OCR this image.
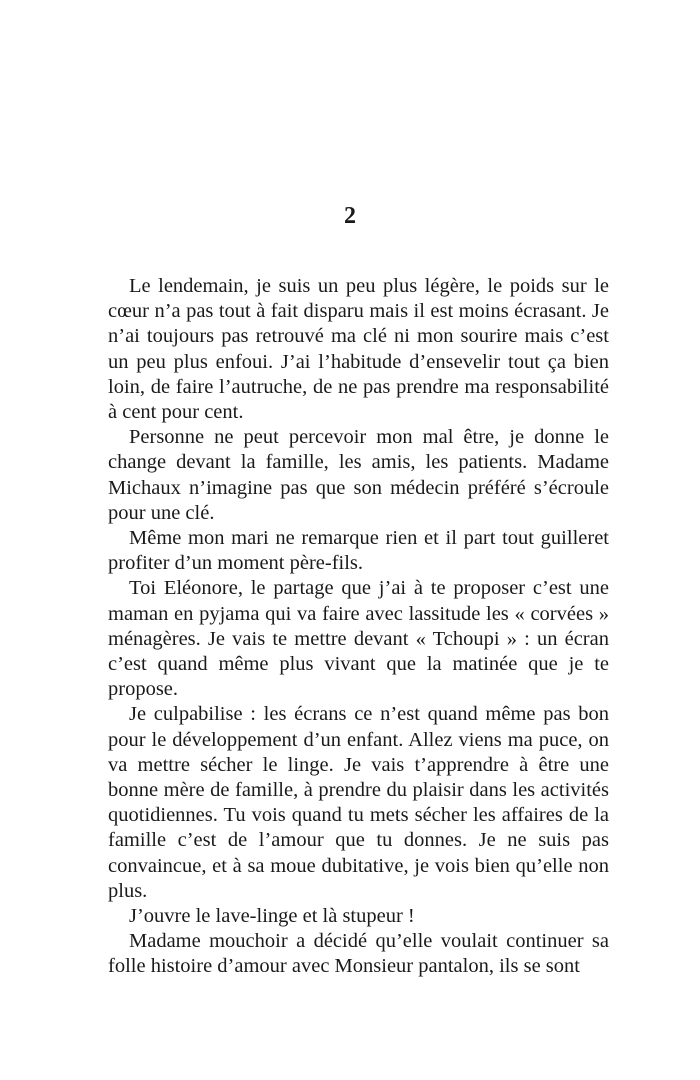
2

Le lendemain, je suis un peu plus légère, le poids sur le cœur n’a pas tout à fait disparu mais il est moins écrasant. Je n’ai toujours pas retrouvé ma clé ni mon sourire mais c’est un peu plus enfoui. J’ai l’habitude d’ensevelir tout ça bien loin, de faire l’autruche, de ne pas prendre ma responsabilité à cent pour cent.

Personne ne peut percevoir mon mal être, je donne le change devant la famille, les amis, les patients. Madame Michaux n’imagine pas que son médecin préféré s’écroule pour une clé.

Même mon mari ne remarque rien et il part tout guilleret profiter d’un moment père-fils.

Toi Eléonore, le partage que j’ai à te proposer c’est une maman en pyjama qui va faire avec lassitude les « corvées » ménagères. Je vais te mettre devant « Tchoupi » : un écran c’est quand même plus vivant que la matinée que je te propose.

Je culpabilise : les écrans ce n’est quand même pas bon pour le développement d’un enfant. Allez viens ma puce, on va mettre sécher le linge. Je vais t’apprendre à être une bonne mère de famille, à prendre du plaisir dans les activités quotidiennes. Tu vois quand tu mets sécher les affaires de la famille c’est de l’amour que tu donnes. Je ne suis pas convaincue, et à sa moue dubitative, je vois bien qu’elle non plus.

J’ouvre le lave-linge et là stupeur !

Madame mouchoir a décidé qu’elle voulait continuer sa folle histoire d’amour avec Monsieur pantalon, ils se sont
